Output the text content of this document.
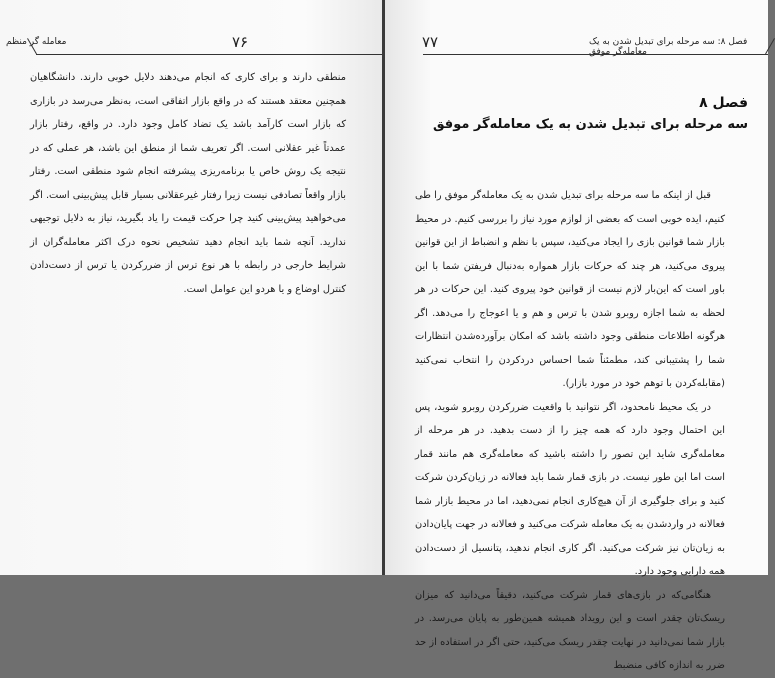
۷۶
معامله گر منظم

منطقی دارند و برای کاری که انجام می‌دهند دلایل خوبی دارند. دانشگاهیان همچنین معتقد هستند که در واقع بازار اتفاقی است، به‌نظر می‌رسد در بازاری که بازار است کارآمد باشد یک تضاد کامل وجود دارد. در واقع، رفتار بازار عمدتاً غیر عقلانی است. اگر تعریف شما از منطق این باشد، هر عملی که در نتیجه یک روش خاص یا برنامه‌ریزی پیشرفته انجام شود منطقی است. رفتار بازار واقعاً تصادفی نیست زیرا رفتار غیرعقلانی بسیار قابل پیش‌بینی است. اگر می‌خواهید پیش‌بینی کنید چرا حرکت قیمت را یاد بگیرید، نیاز به دلایل توجیهی ندارید. آنچه شما باید انجام دهید تشخیص نحوه درک اکثر معامله‌گران از شرایط خارجی در رابطه با هر نوع ترس از ضررکردن یا ترس از دست‌دادن کنترل اوضاع و یا هردو این عوامل است.

۷۷	فصل ۸: سه مرحله برای تبدیل شدن به یک معامله‌گر موفق
فصل ۸
سه مرحله برای تبدیل شدن به یک معامله‌گر موفق

قبل از اینکه ما سه مرحله برای تبدیل شدن به یک معامله‌گر موفق را طی کنیم، ایده خوبی است که بعضی از لوازم مورد نیاز را بررسی کنیم. در محیط بازار شما قوانین بازی را ایجاد می‌کنید، سپس با نظم و انضباط از این قوانین پیروی می‌کنید، هر چند که حرکات بازار همواره به‌دنبال فریفتن شما با این باور است که این‌بار لازم نیست از قوانین خود پیروی کنید. این حرکات در هر لحظه به شما اجازه روبرو شدن با ترس و هم و یا اعوجاج را می‌دهد. اگر هرگونه اطلاعات منطقی وجود داشته باشد که امکان برآورده‌شدن انتظارات شما را پشتیبانی کند، مطمئناً شما احساس دردکردن را انتخاب نمی‌کنید (مقابله‌کردن با توهم خود در مورد بازار).

در یک محیط نامحدود، اگر نتوانید با واقعیت ضررکردن روبرو شوید، پس این احتمال وجود دارد که همه چیز را از دست بدهید. در هر مرحله از معامله‌گری شاید این تصور را داشته باشید که معامله‌گری هم مانند قمار است اما این طور نیست. در بازی قمار شما باید فعالانه در زیان‌کردن شرکت کنید و برای جلوگیری از آن هیچ‌کاری انجام نمی‌دهید، اما در محیط بازار شما فعالانه در واردشدن به یک معامله شرکت می‌کنید و فعالانه در جهت پایان‌دادن به زیان‌تان نیز شرکت می‌کنید. اگر کاری انجام ندهید، پتانسیل از دست‌دادن همه دارایی وجود دارد.

هنگامی‌که در بازی‌های قمار شرکت می‌کنید، دقیقاً می‌دانید که میزان ریسک‌تان چقدر است و این رویداد همیشه همین‌طور به پایان می‌رسد. در بازار شما نمی‌دانید در نهایت چقدر ریسک می‌کنید، حتی اگر در استفاده از حد ضرر به اندازه کافی منضبط
